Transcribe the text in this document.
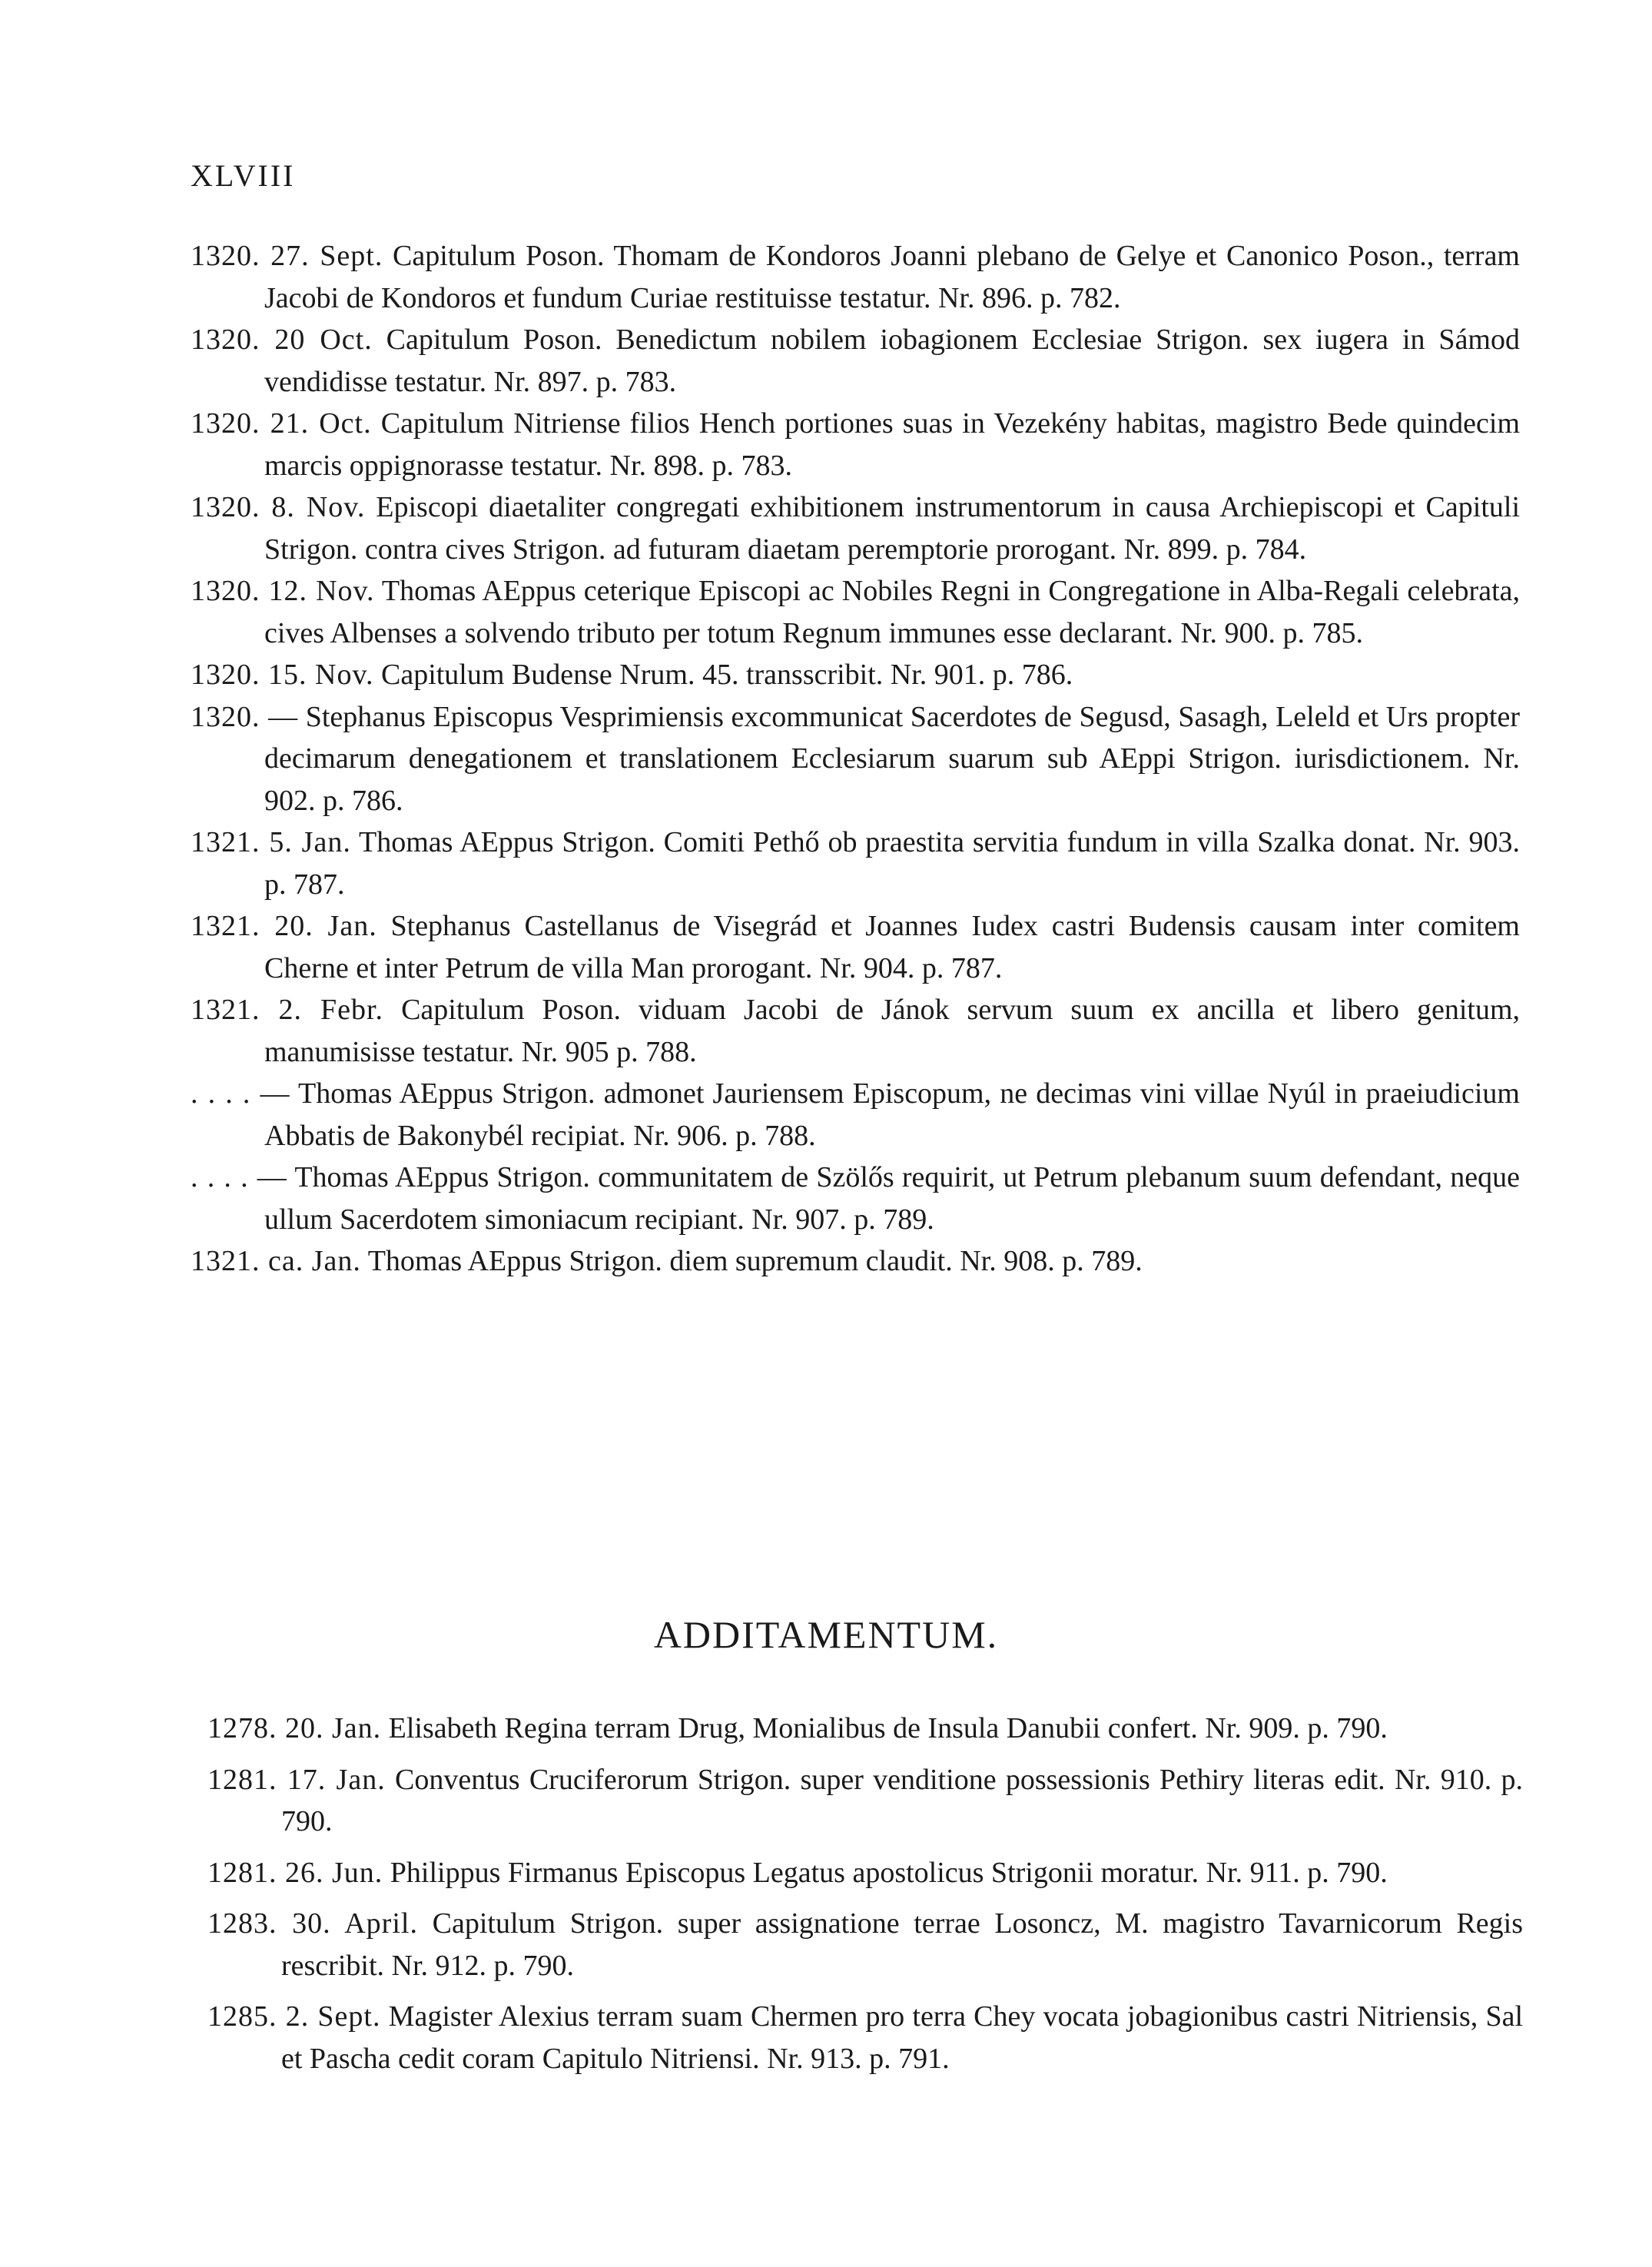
XLVIII

1320. 27. Sept. Capitulum Poson. Thomam de Kondoros Joanni plebano de Gelye et Canonico Poson., terram Jacobi de Kondoros et fundum Curiae restituisse testatur. Nr. 896. p. 782.

1320. 20 Oct. Capitulum Poson. Benedictum nobilem iobagionem Ecclesiae Strigon. sex iugera in Sámod vendidisse testatur. Nr. 897. p. 783.

1320. 21. Oct. Capitulum Nitriense filios Hench portiones suas in Vezekény habitas, magistro Bede quindecim marcis oppignorasse testatur. Nr. 898. p. 783.

1320. 8. Nov. Episcopi diaetaliter congregati exhibitionem instrumentorum in causa Archiepiscopi et Capituli Strigon. contra cives Strigon. ad futuram diaetam peremptorie prorogant. Nr. 899. p. 784.

1320. 12. Nov. Thomas AEppus ceterique Episcopi ac Nobiles Regni in Congregatione in Alba-Regali celebrata, cives Albenses a solvendo tributo per totum Regnum immunes esse declarant. Nr. 900. p. 785.

1320. 15. Nov. Capitulum Budense Nrum. 45. transscribit. Nr. 901. p. 786.

1320. — Stephanus Episcopus Vesprimiensis excommunicat Sacerdotes de Segusd, Sasagh, Leleld et Urs propter decimarum denegationem et translationem Ecclesiarum suarum sub AEppi Strigon. iurisdictionem. Nr. 902. p. 786.

1321. 5. Jan. Thomas AEppus Strigon. Comiti Pethő ob praestita servitia fundum in villa Szalka donat. Nr. 903. p. 787.

1321. 20. Jan. Stephanus Castellanus de Visegrád et Joannes Iudex castri Budensis causam inter comitem Cherne et inter Petrum de villa Man prorogant. Nr. 904. p. 787.

1321. 2. Febr. Capitulum Poson. viduam Jacobi de Jánok servum suum ex ancilla et libero genitum, manumisisse testatur. Nr. 905 p. 788.

. . . . — Thomas AEppus Strigon. admonet Jauriensem Episcopum, ne decimas vini villae Nyúl in praeiudicium Abbatis de Bakonybél recipiat. Nr. 906. p. 788.

. . . . — Thomas AEppus Strigon. communitatem de Szölős requirit, ut Petrum plebanum suum defendant, neque ullum Sacerdotem simoniacum recipiant. Nr. 907. p. 789.

1321. ca. Jan. Thomas AEppus Strigon. diem supremum claudit. Nr. 908. p. 789.

ADDITAMENTUM.

1278. 20. Jan. Elisabeth Regina terram Drug, Monialibus de Insula Danubii confert. Nr. 909. p. 790.

1281. 17. Jan. Conventus Cruciferorum Strigon. super venditione possessionis Pethiry literas edit. Nr. 910. p. 790.

1281. 26. Jun. Philippus Firmanus Episcopus Legatus apostolicus Strigonii moratur. Nr. 911. p. 790.

1283. 30. April. Capitulum Strigon. super assignatione terrae Losoncz, M. magistro Tavarnicorum Regis rescribit. Nr. 912. p. 790.

1285. 2. Sept. Magister Alexius terram suam Chermen pro terra Chey vocata jobagionibus castri Nitriensis, Sal et Pascha cedit coram Capitulo Nitriensi. Nr. 913. p. 791.
